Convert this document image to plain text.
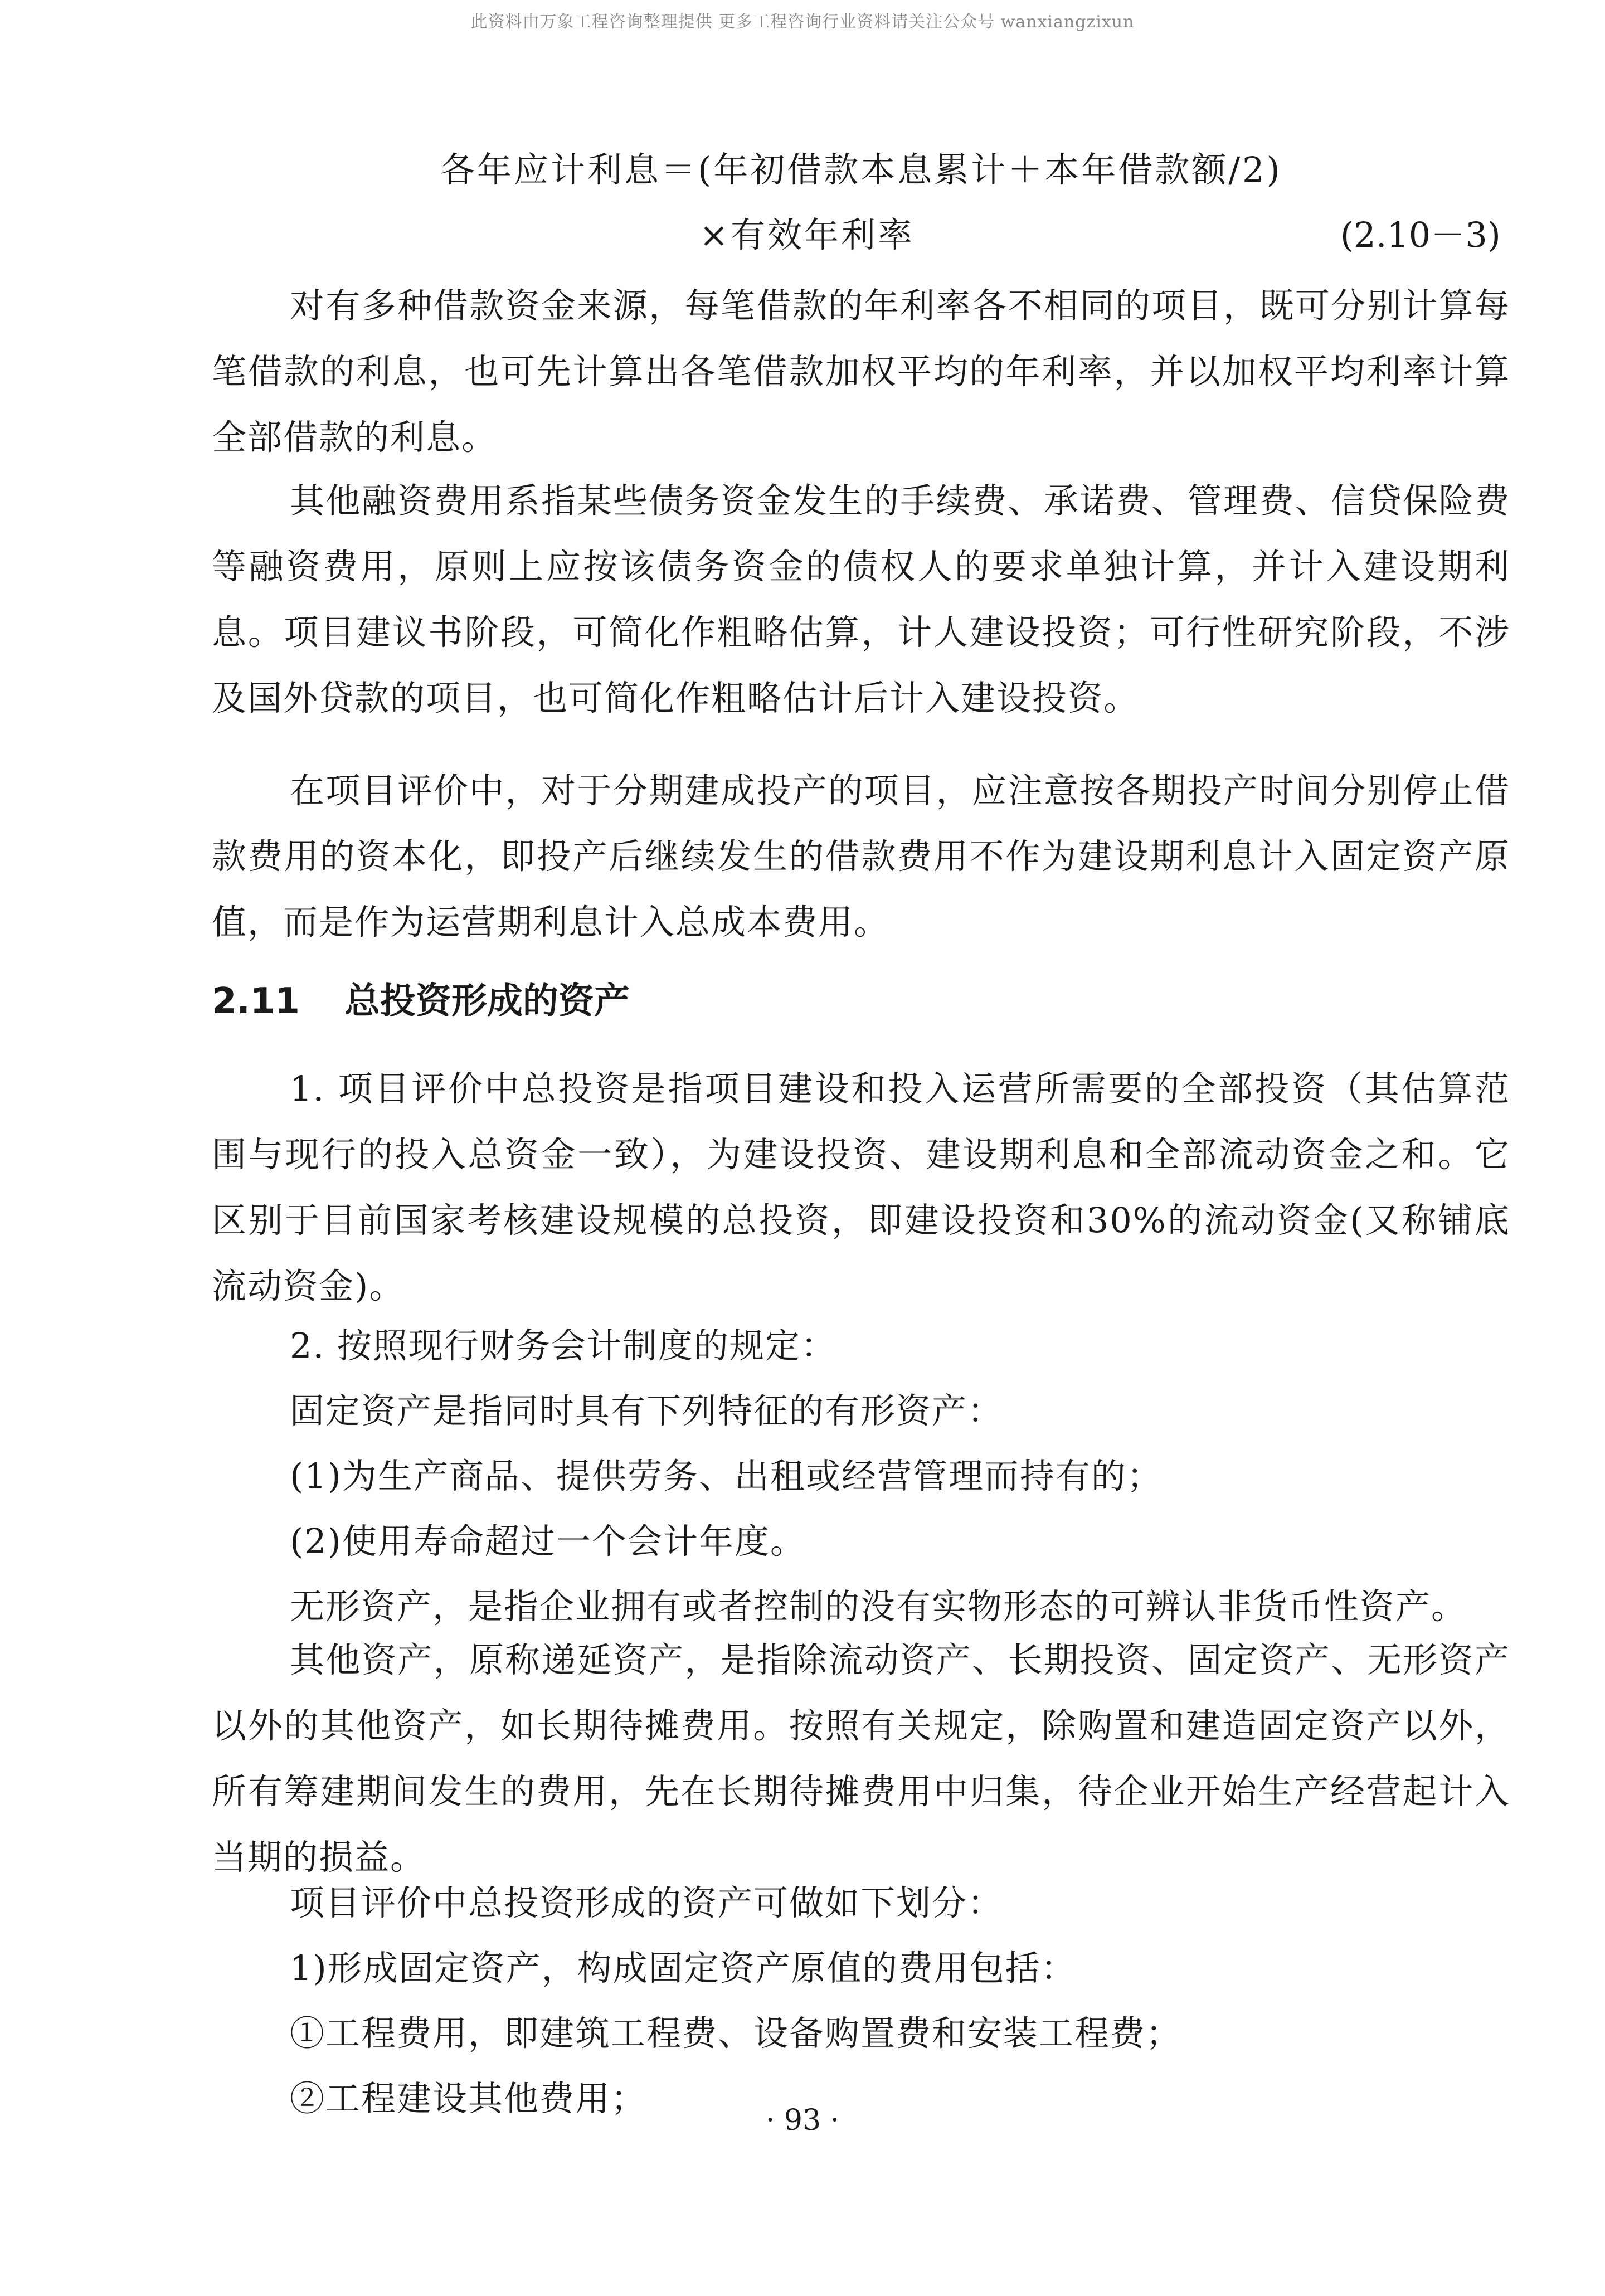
此资料由万象工程咨询整理提供 更多工程咨询行业资料请关注公众号 wanxiangzixun
各年应计利息＝(年初借款本息累计＋本年借款额/2)
×有效年利率	(2.10－3)

对有多种借款资金来源，每笔借款的年利率各不相同的项目，既可分别计算每笔借款的利息，也可先计算出各笔借款加权平均的年利率，并以加权平均利率计算全部借款的利息。

其他融资费用系指某些债务资金发生的手续费、承诺费、管理费、信贷保险费等融资费用，原则上应按该债务资金的债权人的要求单独计算，并计入建设期利息。项目建议书阶段，可简化作粗略估算，计人建设投资；可行性研究阶段，不涉及国外贷款的项目，也可简化作粗略估计后计入建设投资。

在项目评价中，对于分期建成投产的项目，应注意按各期投产时间分别停止借款费用的资本化，即投产后继续发生的借款费用不作为建设期利息计入固定资产原值，而是作为运营期利息计入总成本费用。

2.11 总投资形成的资产

1. 项目评价中总投资是指项目建设和投入运营所需要的全部投资（其估算范围与现行的投入总资金一致），为建设投资、建设期利息和全部流动资金之和。它区别于目前国家考核建设规模的总投资，即建设投资和30%的流动资金(又称铺底流动资金)。

2. 按照现行财务会计制度的规定：

固定资产是指同时具有下列特征的有形资产：

(1)为生产商品、提供劳务、出租或经营管理而持有的；

(2)使用寿命超过一个会计年度。

无形资产，是指企业拥有或者控制的没有实物形态的可辨认非货币性资产。

其他资产，原称递延资产，是指除流动资产、长期投资、固定资产、无形资产以外的其他资产，如长期待摊费用。按照有关规定，除购置和建造固定资产以外，所有筹建期间发生的费用，先在长期待摊费用中归集，待企业开始生产经营起计入当期的损益。

项目评价中总投资形成的资产可做如下划分：

1)形成固定资产，构成固定资产原值的费用包括：

①工程费用，即建筑工程费、设备购置费和安装工程费；

②工程建设其他费用；

· 93 ·
